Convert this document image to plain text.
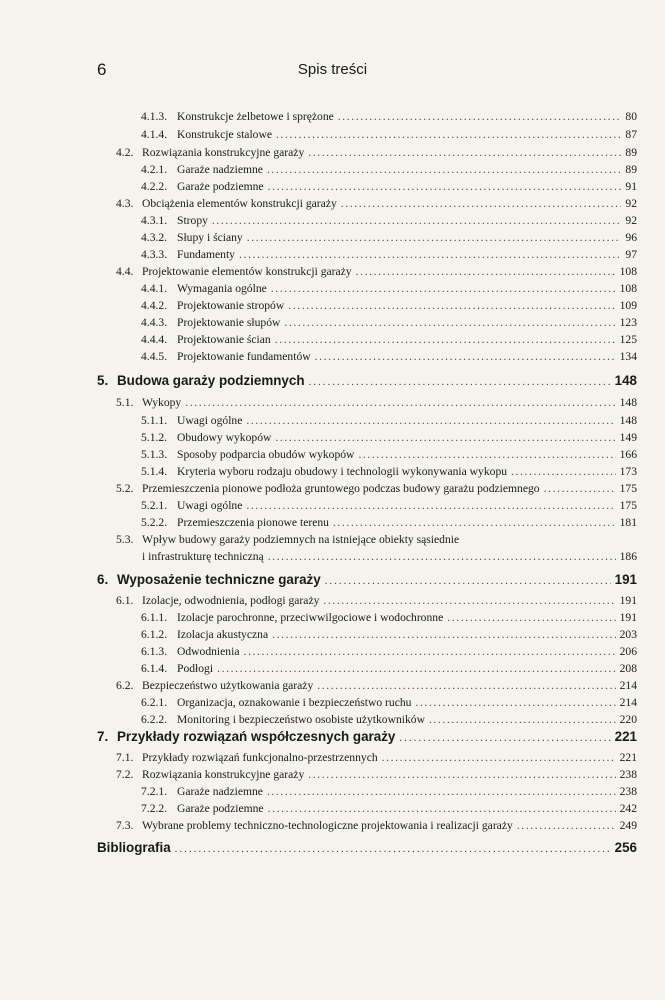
6	Spis treści
4.1.3. Konstrukcje żelbetowe i sprężone .....	80
4.1.4. Konstrukcje stalowe .....	87
4.2. Rozwiązania konstrukcyjne garaży .....	89
4.2.1. Garaże nadziemne .....	89
4.2.2. Garaże podziemne .....	91
4.3. Obciążenia elementów konstrukcji garaży .....	92
4.3.1. Stropy .....	92
4.3.2. Słupy i ściany .....	96
4.3.3. Fundamenty .....	97
4.4. Projektowanie elementów konstrukcji garaży .....	108
4.4.1. Wymagania ogólne .....	108
4.4.2. Projektowanie stropów .....	109
4.4.3. Projektowanie słupów .....	123
4.4.4. Projektowanie ścian .....	125
4.4.5. Projektowanie fundamentów .....	134
5. Budowa garaży podziemnych .....	148
5.1. Wykopy .....	148
5.1.1. Uwagi ogólne .....	148
5.1.2. Obudowy wykopów .....	149
5.1.3. Sposoby podparcia obudów wykopów .....	166
5.1.4. Kryteria wyboru rodzaju obudowy i technologii wykonywania wykopu .....	173
5.2. Przemieszczenia pionowe podłoża gruntowego podczas budowy garażu podziemnego .....	175
5.2.1. Uwagi ogólne .....	175
5.2.2. Przemieszczenia pionowe terenu .....	181
5.3. Wpływ budowy garaży podziemnych na istniejące obiekty sąsiednie
i infrastrukturę techniczną .....	186
6. Wyposażenie techniczne garaży .....	191
6.1. Izolacje, odwodnienia, podłogi garaży .....	191
6.1.1. Izolacje parochronne, przeciwwilgociowe i wodochronne .....	191
6.1.2. Izolacja akustyczna .....	203
6.1.3. Odwodnienia .....	206
6.1.4. Podłogi .....	208
6.2. Bezpieczeństwo użytkowania garaży .....	214
6.2.1. Organizacja, oznakowanie i bezpieczeństwo ruchu .....	214
6.2.2. Monitoring i bezpieczeństwo osobiste użytkowników .....	220
7. Przykłady rozwiązań współczesnych garaży .....	221
7.1. Przykłady rozwiązań funkcjonalno-przestrzennych .....	221
7.2. Rozwiązania konstrukcyjne garaży .....	238
7.2.1. Garaże nadziemne .....	238
7.2.2. Garaże podziemne .....	242
7.3. Wybrane problemy techniczno-technologiczne projektowania i realizacji garaży .....	249
Bibliografia .....	256
